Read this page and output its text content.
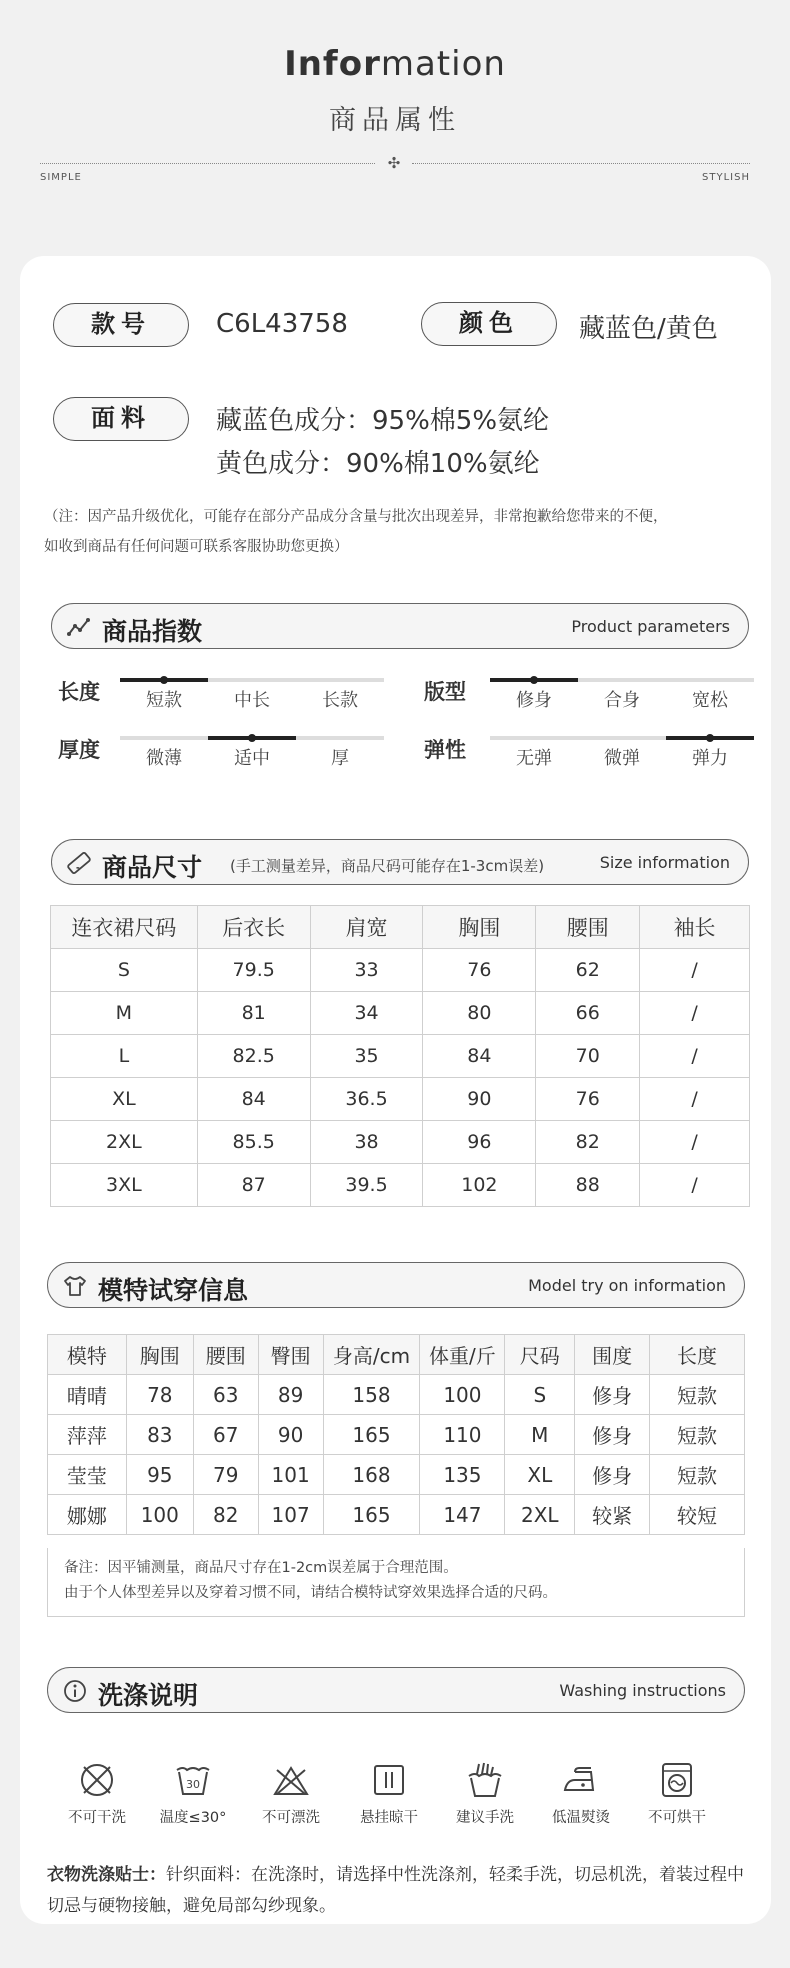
Information
商品属性
✣
SIMPLE	STYLISH
款号	C6L43758	颜色	藏蓝色/黄色
面料	藏蓝色成分：95%棉5%氨纶
黄色成分：90%棉10%氨纶
（注：因产品升级优化，可能存在部分产品成分含量与批次出现差异，非常抱歉给您带来的不便，
如收到商品有任何问题可联系客服协助您更换）
商品指数	Product parameters
长度	短款	中长	长款	版型	修身	合身	宽松
厚度	微薄	适中	厚	弹性	无弹	微弹	弹力
商品尺寸 (手工测量差异，商品尺码可能存在1-3cm误差)	Size information
连衣裙尺码	后衣长	肩宽	胸围	腰围	袖长
S	79.5	33	76	62	/
M	81	34	80	66	/
L	82.5	35	84	70	/
XL	84	36.5	90	76	/
2XL	85.5	38	96	82	/
3XL	87	39.5	102	88	/
模特试穿信息	Model try on information
模特	胸围	腰围	臀围	身高/cm	体重/斤	尺码	围度	长度
晴晴	78	63	89	158	100	S	修身	短款
萍萍	83	67	90	165	110	M	修身	短款
莹莹	95	79	101	168	135	XL	修身	短款
娜娜	100	82	107	165	147	2XL	较紧	较短
备注：因平铺测量，商品尺寸存在1-2cm误差属于合理范围。
由于个人体型差异以及穿着习惯不同，请结合模特试穿效果选择合适的尺码。
洗涤说明	Washing instructions
不可干洗
30
温度≤30°	不可漂洗	悬挂晾干	建议手洗	低温熨烫	不可烘干
衣物洗涤贴士：针织面料：在洗涤时，请选择中性洗涤剂，轻柔手洗，切忌机洗，着装过程中切忌与硬物接触，避免局部勾纱现象。
